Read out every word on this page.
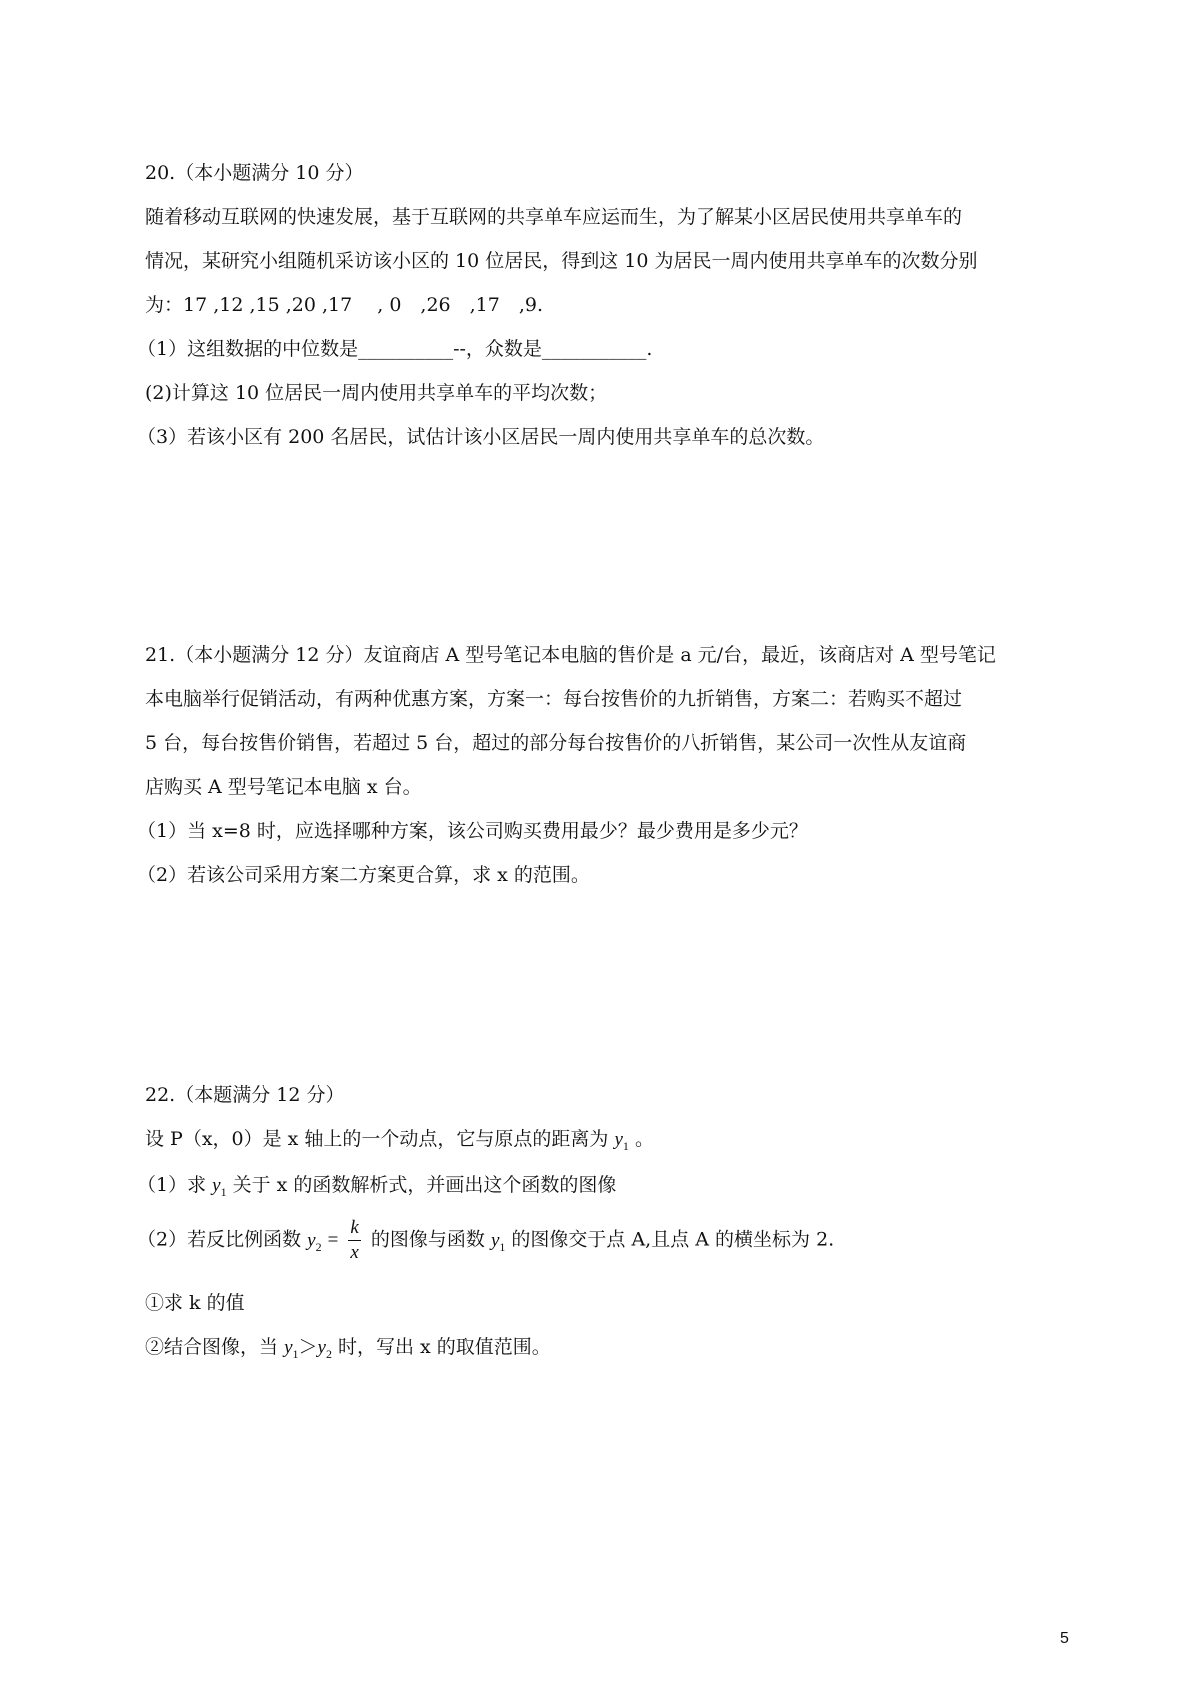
20.（本小题满分 10 分）
随着移动互联网的快速发展，基于互联网的共享单车应运而生，为了解某小区居民使用共享单车的
情况，某研究小组随机采访该小区的 10 位居民，得到这 10 为居民一周内使用共享单车的次数分别
为：17 ,12 ,15 ,20 ,17　 , 0　,26　,17　,9.
（1）这组数据的中位数是__________--，众数是___________.
(2)计算这 10 位居民一周内使用共享单车的平均次数；
（3）若该小区有 200 名居民，试估计该小区居民一周内使用共享单车的总次数。
21.（本小题满分 12 分）友谊商店 A 型号笔记本电脑的售价是 a 元/台，最近，该商店对 A 型号笔记
本电脑举行促销活动，有两种优惠方案，方案一：每台按售价的九折销售，方案二：若购买不超过
5 台，每台按售价销售，若超过 5 台，超过的部分每台按售价的八折销售，某公司一次性从友谊商
店购买 A 型号笔记本电脑 x 台。
（1）当 x=8 时，应选择哪种方案，该公司购买费用最少？最少费用是多少元？
（2）若该公司采用方案二方案更合算，求 x 的范围。
22.（本题满分 12 分）
设 P（x，0）是 x 轴上的一个动点，它与原点的距离为 $y_1$ 。
（1）求 $y_1$ 关于 x 的函数解析式，并画出这个函数的图像
（2）若反比例函数 $y_2 = \frac{k}{x}$ 的图像与函数 $y_1$ 的图像交于点 A,且点 A 的横坐标为 2.
①求 k 的值
②结合图像，当 $y_1>y_2$ 时，写出 x 的取值范围。
5
